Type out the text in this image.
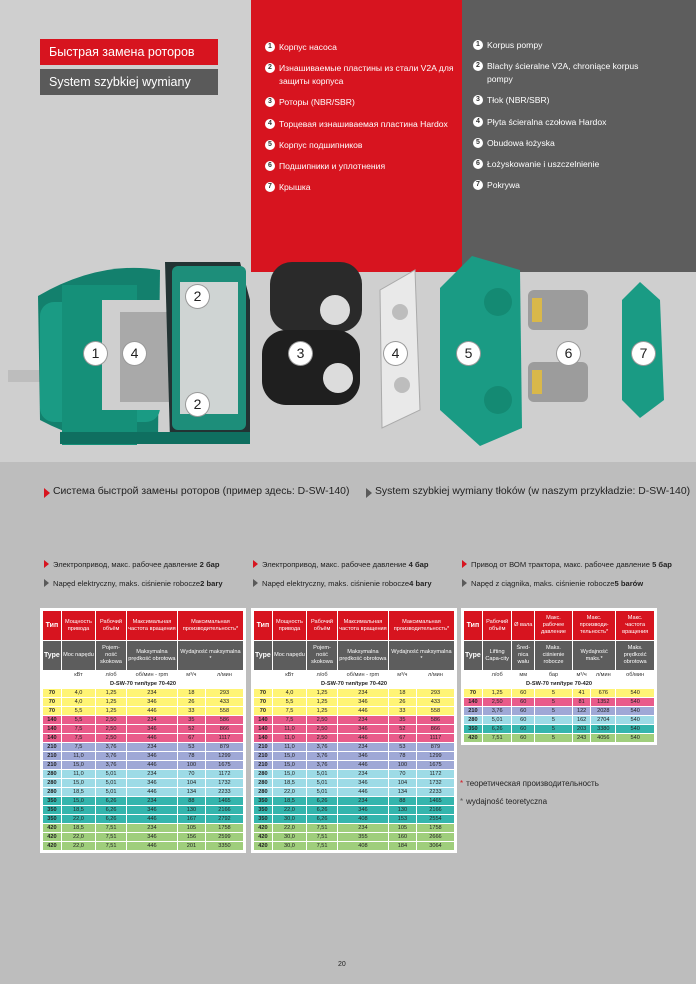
Быстрая замена роторов
System szybkiej wymiany
1 Корпус насоса
2 Изнашиваемые пластины из стали V2A для защиты корпуса
3 Роторы (NBR/SBR)
4 Торцевая изнашиваемая пластина Hardox
5 Корпус подшипников
6 Подшипники и уплотнения
7 Крышка
1 Korpus pompy
2 Blachy ścieralne V2A, chroniące korpus pompy
3 Tłok (NBR/SBR)
4 Płyta ścieralna czołowa Hardox
5 Obudowa łożyska
6 Łożyskowanie i uszczelnienie
7 Pokrywa
1	4
2
2
3	4	5	6	7
Система быстрой замены роторов (пример здесь: D-SW-140) System szybkiej wymiany tłoków (w naszym przykładzie: D-SW-140)
Электропривод, макс. рабочее давление 2 бар
Napęd elektryczny, maks. ciśnienie robocze2 bary
Электропривод, макс. рабочее давление 4 бар
Napęd elektryczny, maks. ciśnienie robocze4 bary
Привод от ВОМ трактора, макс. рабочее давление 5 бар
Napęd z ciągnika, maks. ciśnienie robocze5 barów
Тип	Мощность привода	Рабочий объём	Максимальная частота вращения	Максимальная производительность*	
Type	Moc napędu	Pojem-ność skokowa	Maksymalna prędkość obrotowa	Wydajność maksymalna *	
	кВт	л/об	об/мин - rpm	м³/ч	л/мин
D-SW-70 тип/type 70-420					
70	4,0	1,25	234	18	293
70	4,0	1,25	346	26	433
70	5,5	1,25	446	33	558
140	5,5	2,50	234	35	586
140	7,5	2,50	346	52	866
140	7,5	2,50	446	67	1117
210	7,5	3,76	234	53	879
210	11,0	3,76	346	78	1299
210	15,0	3,76	446	100	1675
280	11,0	5,01	234	70	1172
280	15,0	5,01	346	104	1732
280	18,5	5,01	446	134	2233
350	15,0	6,26	234	88	1465
350	18,5	6,26	346	130	2166
350	22,0	6,26	446	167	2792
420	18,5	7,51	234	105	1758
420	22,0	7,51	346	156	2599
420	22,0	7,51	446	201	3350
Тип	Мощность привода	Рабочий объём	Максимальная частота вращения	Максимальная производительность*	
Type	Moc napędu	Pojem-ność skokowa	Maksymalna prędkość obrotowa	Wydajność maksymalna *	
	кВт	л/об	об/мин - rpm	м³/ч	л/мин
D-SW-70 тип/type 70-420					
70	4,0	1,25	234	18	293
70	5,5	1,25	346	26	433
70	7,5	1,25	446	33	558
140	7,5	2,50	234	35	586
140	11,0	2,50	346	52	866
140	11,0	2,50	446	67	1117
210	11,0	3,76	234	53	879
210	15,0	3,76	346	78	1299
210	15,0	3,76	446	100	1675
280	15,0	5,01	234	70	1172
280	18,5	5,01	346	104	1732
280	22,0	5,01	446	134	2233
350	18,5	6,26	234	88	1465
350	22,0	6,26	346	130	2166
350	30,0	6,26	408	153	2554
420	22,0	7,51	234	105	1758
420	30,0	7,51	355	160	2666
420	30,0	7,51	408	184	3064
Тип	Рабочий объём	Ø вала	Макс. рабочее давление	Макс. производи-тельность*		Макс. частота вращения
Type	Lifting Capa-city	Śred-nica wału	Maks. ciśnienie robocze	Wydajność maks.*		Maks. prędkość obrotowa
	л/об	мм	бар	м³/ч	л/мин	об/мин
D-SW-70 тип/type 70-420						
70	1,25	60	5	41	676	540
140	2,50	60	5	81	1352	540
210	3,76	60	5	122	2028	540
280	5,01	60	5	162	2704	540
350	6,26	60	5	203	3380	540
420	7,51	60	5	243	4056	540
* теоретическая производительность
* wydajność teoretyczna
20
